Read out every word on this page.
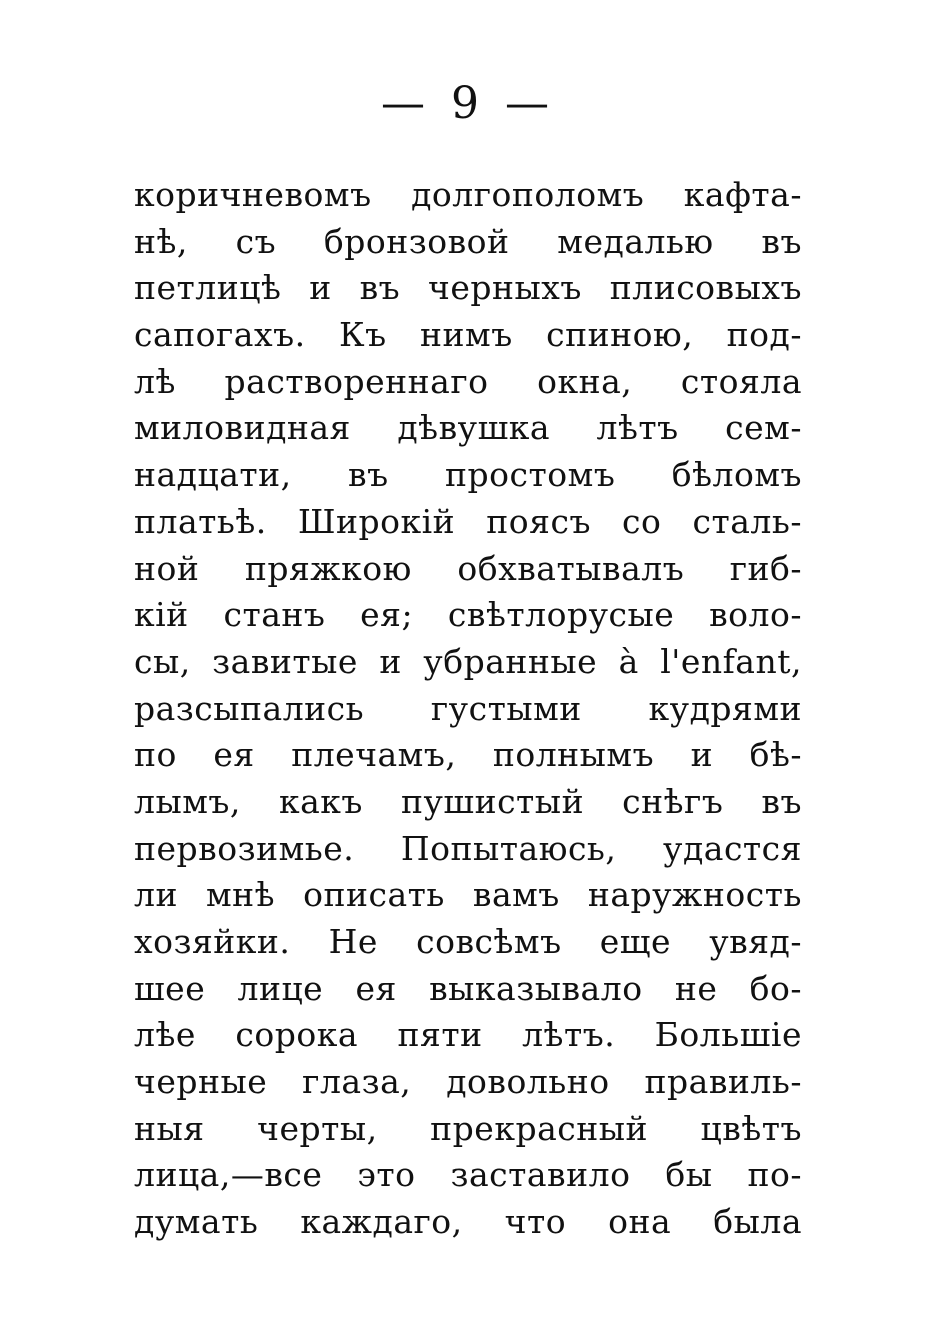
— 9 —
коричневомъ долгополомъ кафта-
нѣ, съ бронзовой медалью въ
петлицѣ и въ черныхъ плисовыхъ
сапогахъ. Къ нимъ спиною, под-
лѣ раствореннаго окна, стояла
миловидная дѣвушка лѣтъ сем-
надцати, въ простомъ бѣломъ
платьѣ. Широкій поясъ со сталь-
ной пряжкою обхватывалъ гиб-
кій станъ ея; свѣтлорусые воло-
сы, завитые и убранные à l'enfant,
разсыпались густыми кудрями
по ея плечамъ, полнымъ и бѣ-
лымъ, какъ пушистый снѣгъ въ
первозимье. Попытаюсь, удастся
ли мнѣ описать вамъ наружность
хозяйки. Не совсѣмъ еще увяд-
шее лице ея выказывало не бо-
лѣе сорока пяти лѣтъ. Большіе
черные глаза, довольно правиль-
ныя черты, прекрасный цвѣтъ
лица,—все это заставило бы по-
думать каждаго, что она была
